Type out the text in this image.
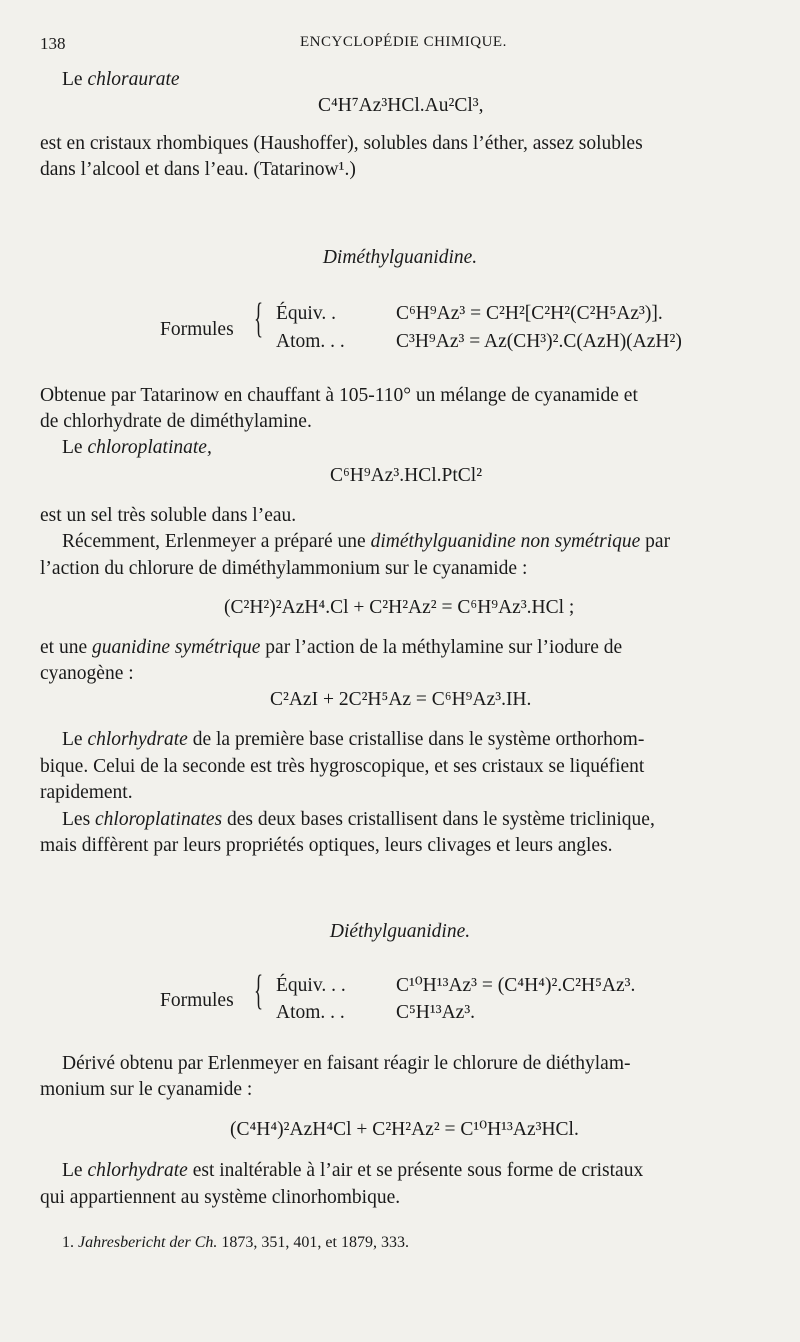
138	ENCYCLOPÉDIE CHIMIQUE.
Le chloraurate
C⁴H⁷Az³HCl.Au²Cl³,
est en cristaux rhombiques (Haushoffer), solubles dans l’éther, assez solubles
dans l’alcool et dans l’eau. (Tatarinow¹.)
Diméthylguanidine.
Formules { Équiv. .	C⁶H⁹Az³ = C²H²[C²H²(C²H⁵Az³)].
Atom. . .	C³H⁹Az³ = Az(CH³)².C(AzH)(AzH²)
Obtenue par Tatarinow en chauffant à 105-110° un mélange de cyanamide et
de chlorhydrate de diméthylamine.
Le chloroplatinate,
C⁶H⁹Az³.HCl.PtCl²
est un sel très soluble dans l’eau.
Récemment, Erlenmeyer a préparé une diméthylguanidine non symétrique par
l’action du chlorure de diméthylammonium sur le cyanamide :
(C²H²)²AzH⁴.Cl + C²H²Az² = C⁶H⁹Az³.HCl ;
et une guanidine symétrique par l’action de la méthylamine sur l’iodure de
cyanogène :
C²AzI + 2C²H⁵Az = C⁶H⁹Az³.IH.
Le chlorhydrate de la première base cristallise dans le système orthorhom-
bique. Celui de la seconde est très hygroscopique, et ses cristaux se liquéfient
rapidement.
Les chloroplatinates des deux bases cristallisent dans le système triclinique,
mais diffèrent par leurs propriétés optiques, leurs clivages et leurs angles.
Diéthylguanidine.
Formules { Équiv. . .	C¹⁰H¹³Az³ = (C⁴H⁴)².C²H⁵Az³.
Atom. . .	C⁵H¹³Az³.
Dérivé obtenu par Erlenmeyer en faisant réagir le chlorure de diéthylam-
monium sur le cyanamide :
(C⁴H⁴)²AzH⁴Cl + C²H²Az² = C¹⁰H¹³Az³HCl.
Le chlorhydrate est inaltérable à l’air et se présente sous forme de cristaux
qui appartiennent au système clinorhombique.
1. Jahresbericht der Ch. 1873, 351, 401, et 1879, 333.
